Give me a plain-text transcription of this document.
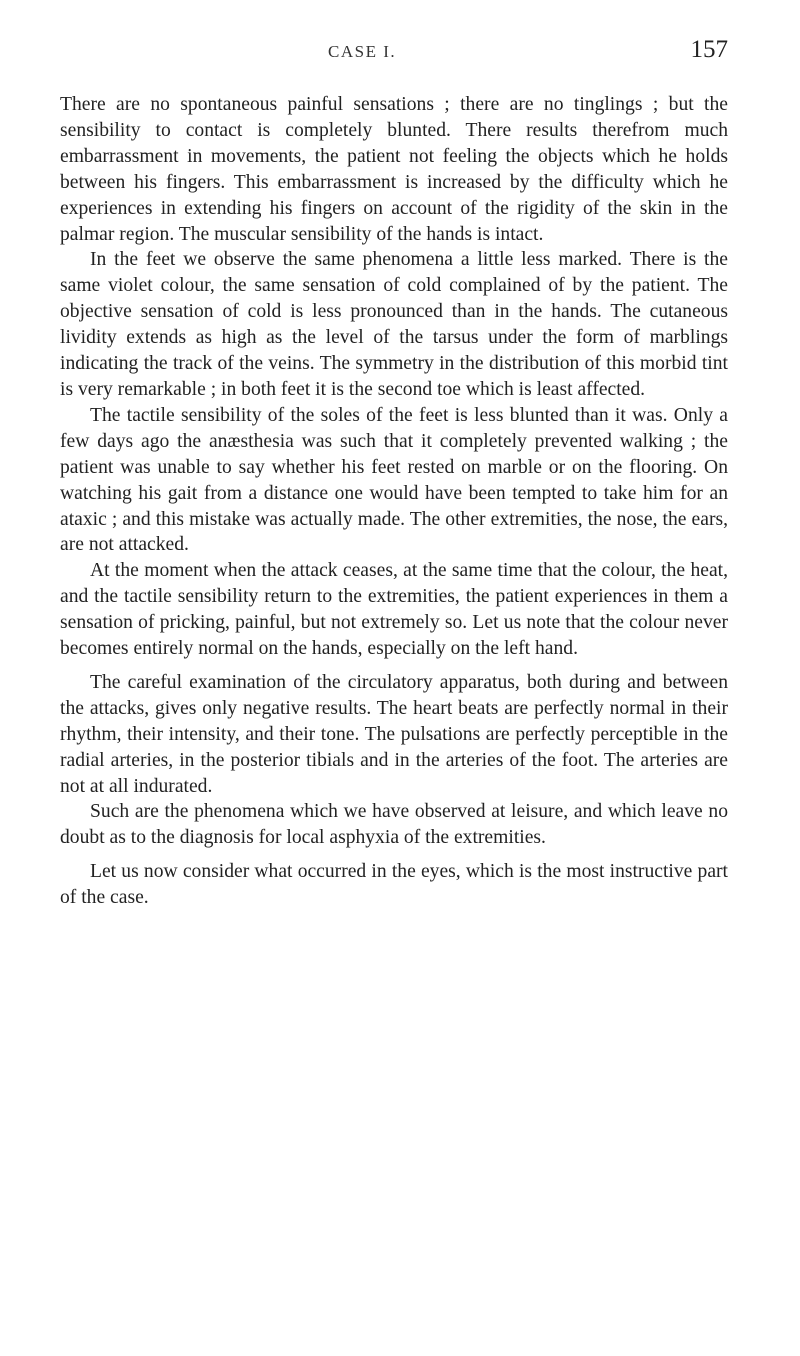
CASE I.	157

There are no spontaneous painful sensations ; there are no tinglings ; but the sensibility to contact is completely blunted. There results therefrom much embarrassment in movements, the patient not feeling the objects which he holds between his fingers. This embarrassment is increased by the difficulty which he experiences in extending his fingers on account of the rigidity of the skin in the palmar region. The muscular sensibility of the hands is intact.

In the feet we observe the same phenomena a little less marked. There is the same violet colour, the same sensation of cold complained of by the patient. The objective sensation of cold is less pronounced than in the hands. The cutaneous lividity extends as high as the level of the tarsus under the form of marblings indicating the track of the veins. The symmetry in the distribution of this morbid tint is very remarkable ; in both feet it is the second toe which is least affected.

The tactile sensibility of the soles of the feet is less blunted than it was. Only a few days ago the anæsthesia was such that it completely prevented walking ; the patient was unable to say whether his feet rested on marble or on the flooring. On watching his gait from a distance one would have been tempted to take him for an ataxic ; and this mistake was actually made. The other extremities, the nose, the ears, are not attacked.

At the moment when the attack ceases, at the same time that the colour, the heat, and the tactile sensibility return to the extremities, the patient experiences in them a sensation of pricking, painful, but not extremely so. Let us note that the colour never becomes entirely normal on the hands, especially on the left hand.

The careful examination of the circulatory apparatus, both during and between the attacks, gives only negative results. The heart beats are perfectly normal in their rhythm, their intensity, and their tone. The pulsations are perfectly perceptible in the radial arteries, in the posterior tibials and in the arteries of the foot. The arteries are not at all indurated.

Such are the phenomena which we have observed at leisure, and which leave no doubt as to the diagnosis for local asphyxia of the extremities.

Let us now consider what occurred in the eyes, which is the most instructive part of the case.
